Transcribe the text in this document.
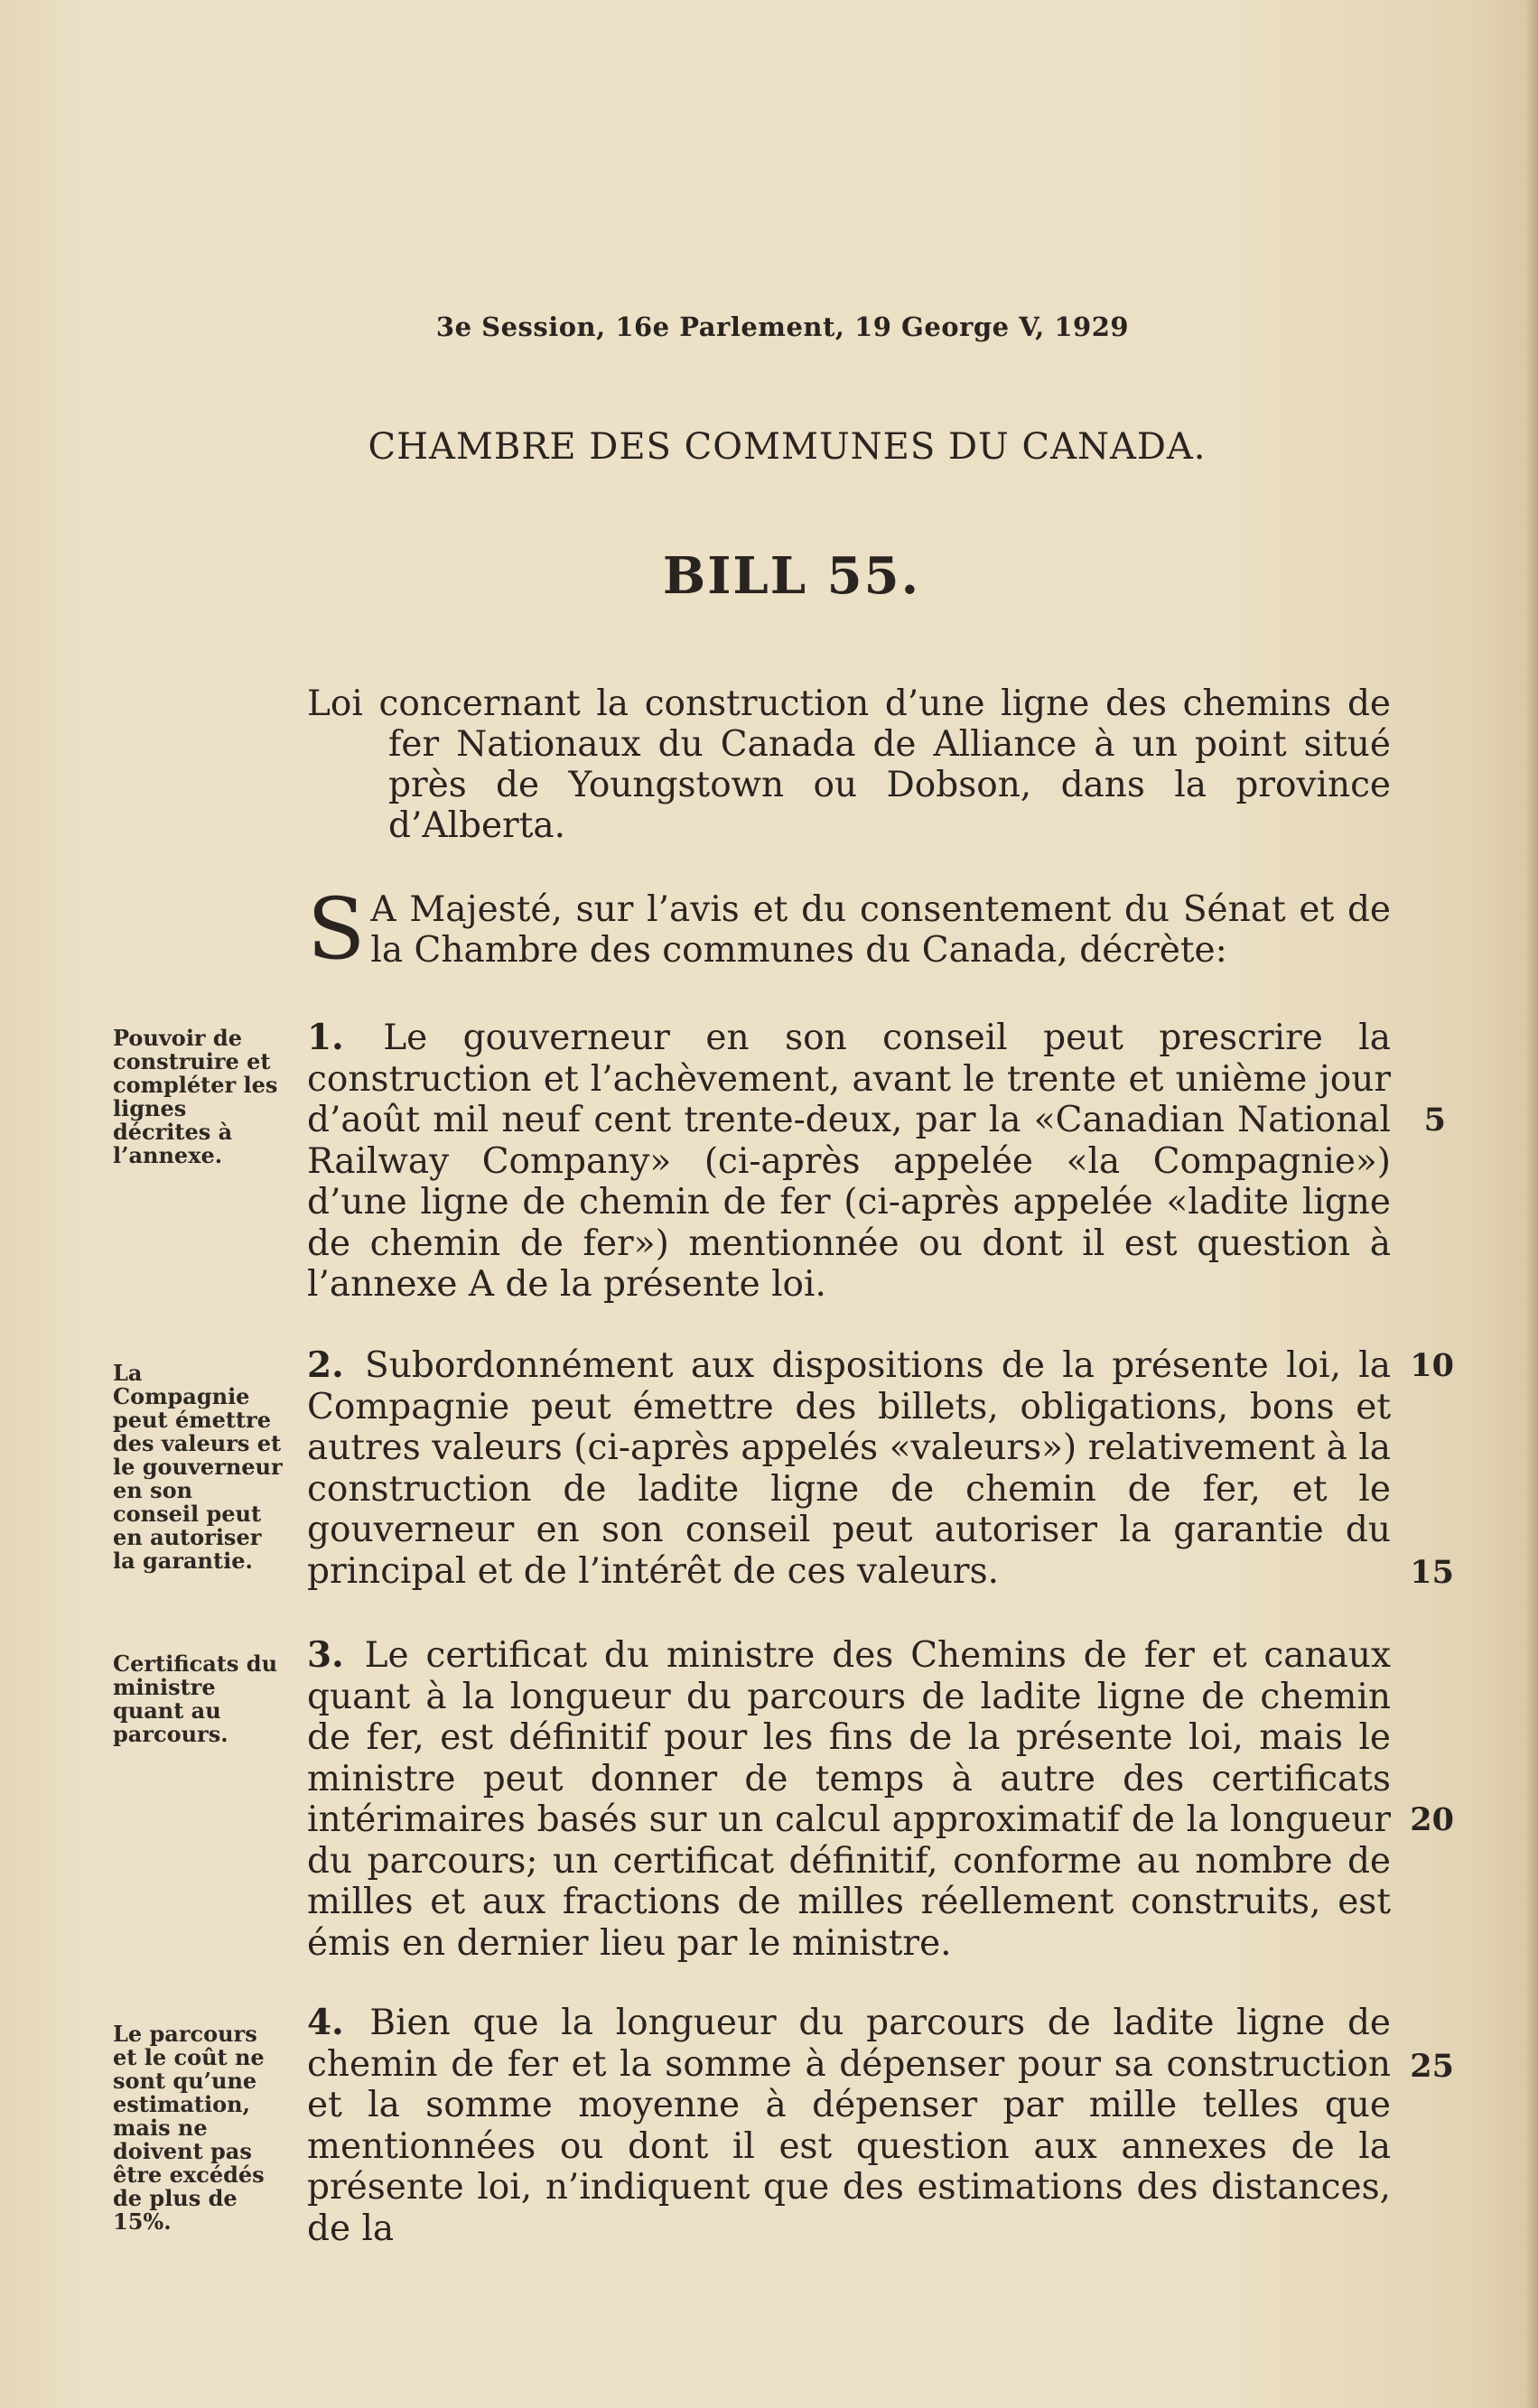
3e Session, 16e Parlement, 19 George V, 1929
CHAMBRE DES COMMUNES DU CANADA.
BILL 55.
Loi concernant la construction d’une ligne des chemins de fer Nationaux du Canada de Alliance à un point situé près de Youngstown ou Dobson, dans la province d’Alberta.
S A Majesté, sur l’avis et du consentement du Sénat et de la Chambre des communes du Canada, décrète:
Pouvoir de construire et compléter les lignes décrites à l’annexe.
1. Le gouverneur en son conseil peut prescrire la construction et l’achèvement, avant le trente et unième jour d’août mil neuf cent trente-deux, par la «Canadian National Railway Company» (ci-après appelée «la Compagnie») d’une ligne de chemin de fer (ci-après appelée «ladite ligne de chemin de fer») mentionnée ou dont il est question à l’annexe A de la présente loi.
La Compagnie peut émettre des valeurs et le gouverneur en son conseil peut en autoriser la garantie.
2. Subordonnément aux dispositions de la présente loi, la Compagnie peut émettre des billets, obligations, bons et autres valeurs (ci-après appelés «valeurs») relativement à la construction de ladite ligne de chemin de fer, et le gouverneur en son conseil peut autoriser la garantie du principal et de l’intérêt de ces valeurs.
Certificats du ministre quant au parcours.
3. Le certificat du ministre des Chemins de fer et canaux quant à la longueur du parcours de ladite ligne de chemin de fer, est définitif pour les fins de la présente loi, mais le ministre peut donner de temps à autre des certificats intérimaires basés sur un calcul approximatif de la longueur du parcours; un certificat définitif, conforme au nombre de milles et aux fractions de milles réellement construits, est émis en dernier lieu par le ministre.
Le parcours et le coût ne sont qu’une estimation, mais ne doivent pas être excédés de plus de 15%.
4. Bien que la longueur du parcours de ladite ligne de chemin de fer et la somme à dépenser pour sa construction et la somme moyenne à dépenser par mille telles que mentionnées ou dont il est question aux annexes de la présente loi, n’indiquent que des estimations des distances, de la
5
10
15
20
25
